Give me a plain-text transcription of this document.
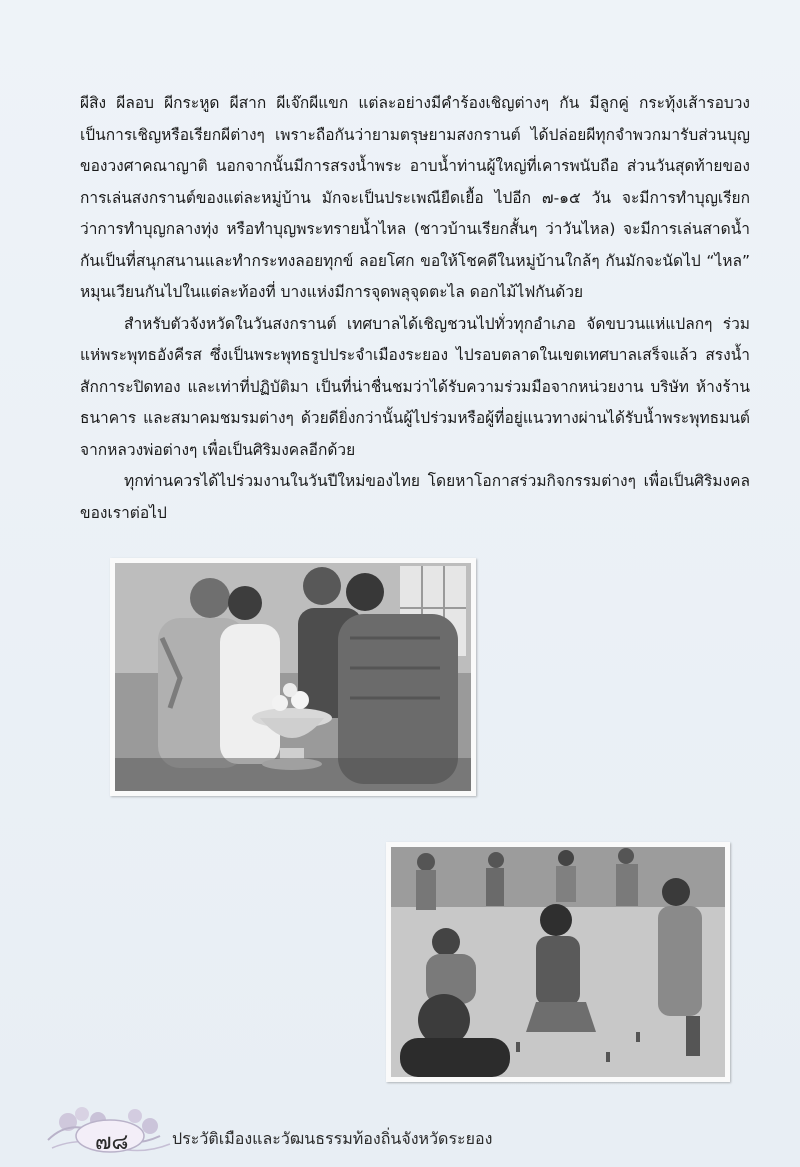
ผีสิง ผีลอบ ผีกระหูด ผีสาก ผีเจ๊กผีแขก แต่ละอย่างมีคำร้องเชิญต่างๆ กัน มีลูกคู่ กระทุ้งเส้ารอบวง เป็นการเชิญหรือเรียกผีต่างๆ เพราะถือกันว่ายามตรุษยามสงกรานต์ ได้ปล่อยผีทุกจำพวกมารับส่วนบุญของวงศาคณาญาติ นอกจากนั้นมีการสรงน้ำพระ อาบน้ำท่านผู้ใหญ่ที่เคารพนับถือ ส่วนวันสุดท้ายของการเล่นสงกรานต์ของแต่ละหมู่บ้าน มักจะเป็นประเพณียืดเยื้อ ไปอีก ๗-๑๕ วัน จะมีการทำบุญเรียกว่าการทำบุญกลางทุ่ง หรือทำบุญพระทรายน้ำไหล (ชาวบ้านเรียกสั้นๆ ว่าวันไหล) จะมีการเล่นสาดน้ำกันเป็นที่สนุกสนานและทำกระทงลอยทุกข์ ลอยโศก ขอให้โชคดีในหมู่บ้านใกล้ๆ กันมักจะนัดไป “ไหล” หมุนเวียนกันไปในแต่ละท้องที่ บางแห่งมีการจุดพลุจุดตะไล ดอกไม้ไฟกันด้วย

สำหรับตัวจังหวัดในวันสงกรานต์ เทศบาลได้เชิญชวนไปทั่วทุกอำเภอ จัดขบวนแห่แปลกๆ ร่วมแห่พระพุทธอังคีรส ซึ่งเป็นพระพุทธรูปประจำเมืองระยอง ไปรอบตลาดในเขตเทศบาลเสร็จแล้ว สรงน้ำสักการะปิดทอง และเท่าที่ปฏิบัติมา เป็นที่น่าชื่นชมว่าได้รับความร่วมมือจากหน่วยงาน บริษัท ห้างร้าน ธนาคาร และสมาคมชมรมต่างๆ ด้วยดียิ่งกว่านั้นผู้ไปร่วมหรือผู้ที่อยู่แนวทางผ่านได้รับน้ำพระพุทธมนต์จากหลวงพ่อต่างๆ เพื่อเป็นศิริมงคลอีกด้วย

ทุกท่านควรได้ไปร่วมงานในวันปีใหม่ของไทย โดยหาโอกาสร่วมกิจกรรมต่างๆ เพื่อเป็นศิริมงคลของเราต่อไป

๗๘	ประวัติเมืองและวัฒนธรรมท้องถิ่นจังหวัดระยอง
